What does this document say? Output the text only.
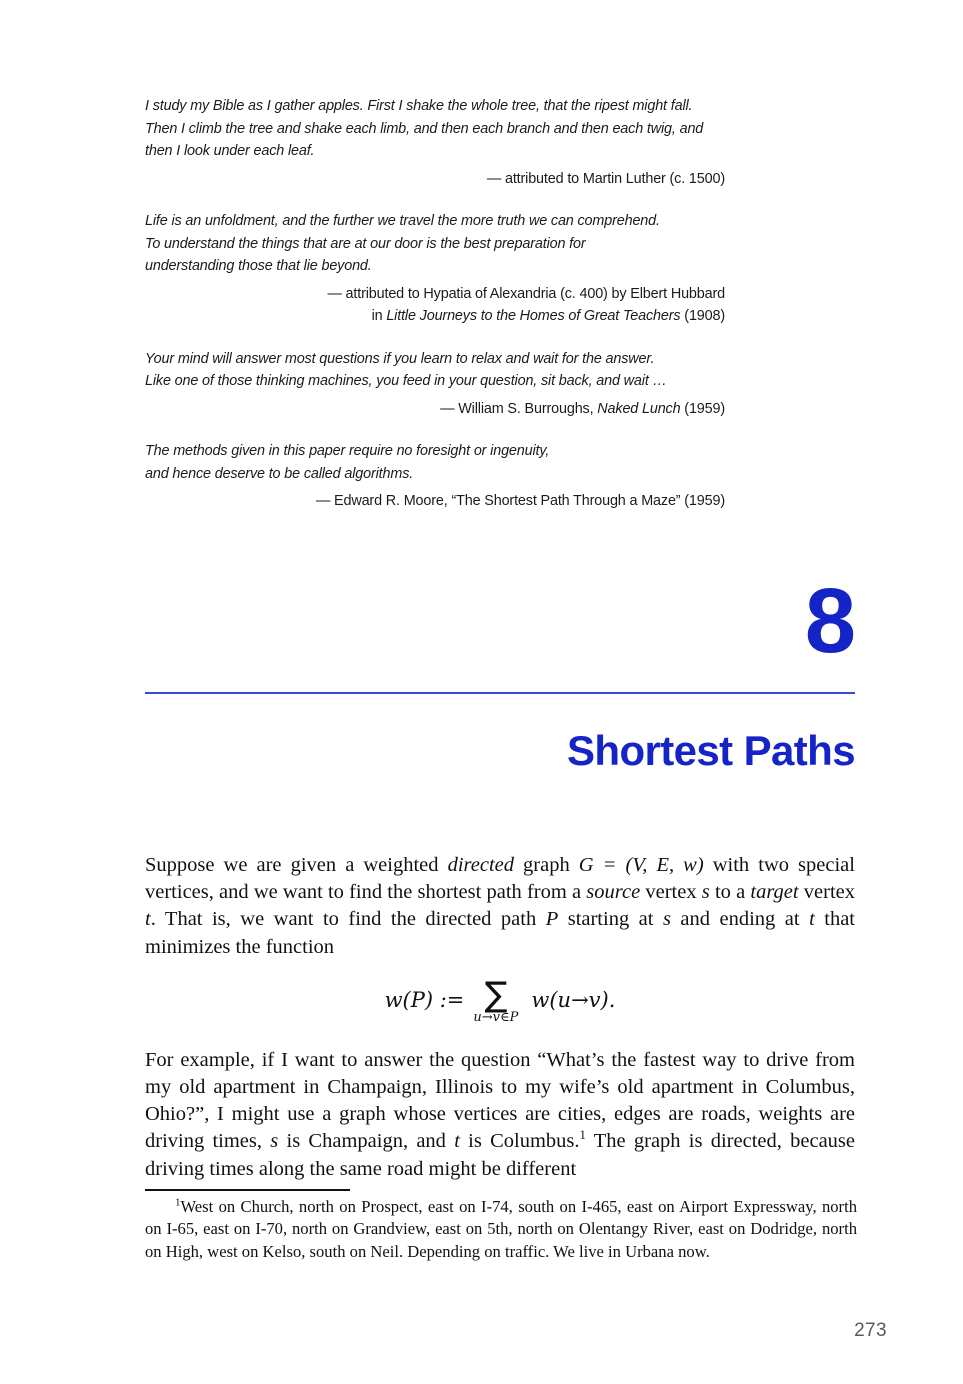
I study my Bible as I gather apples. First I shake the whole tree, that the ripest might fall. Then I climb the tree and shake each limb, and then each branch and then each twig, and then I look under each leaf.
— attributed to Martin Luther (c. 1500)
Life is an unfoldment, and the further we travel the more truth we can comprehend.
To understand the things that are at our door is the best preparation for
understanding those that lie beyond.
— attributed to Hypatia of Alexandria (c. 400) by Elbert Hubbard
in Little Journeys to the Homes of Great Teachers (1908)
Your mind will answer most questions if you learn to relax and wait for the answer.
Like one of those thinking machines, you feed in your question, sit back, and wait …
— William S. Burroughs, Naked Lunch (1959)
The methods given in this paper require no foresight or ingenuity,
and hence deserve to be called algorithms.
— Edward R. Moore, “The Shortest Path Through a Maze” (1959)
8
Shortest Paths

Suppose we are given a weighted directed graph G = (V, E, w) with two special vertices, and we want to find the shortest path from a source vertex s to a target vertex t. That is, we want to find the directed path P starting at s and ending at t that minimizes the function

w(P) := ∑
u→v∈P
w(u→v).

For example, if I want to answer the question “What’s the fastest way to drive from my old apartment in Champaign, Illinois to my wife’s old apartment in Columbus, Ohio?”, I might use a graph whose vertices are cities, edges are roads, weights are driving times, s is Champaign, and t is Columbus.$^1$ The graph is directed, because driving times along the same road might be different

$^1$West on Church, north on Prospect, east on I-74, south on I-465, east on Airport Expressway, north on I-65, east on I-70, north on Grandview, east on 5th, north on Olentangy River, east on Dodridge, north on High, west on Kelso, south on Neil. Depending on traffic. We live in Urbana now.
273
